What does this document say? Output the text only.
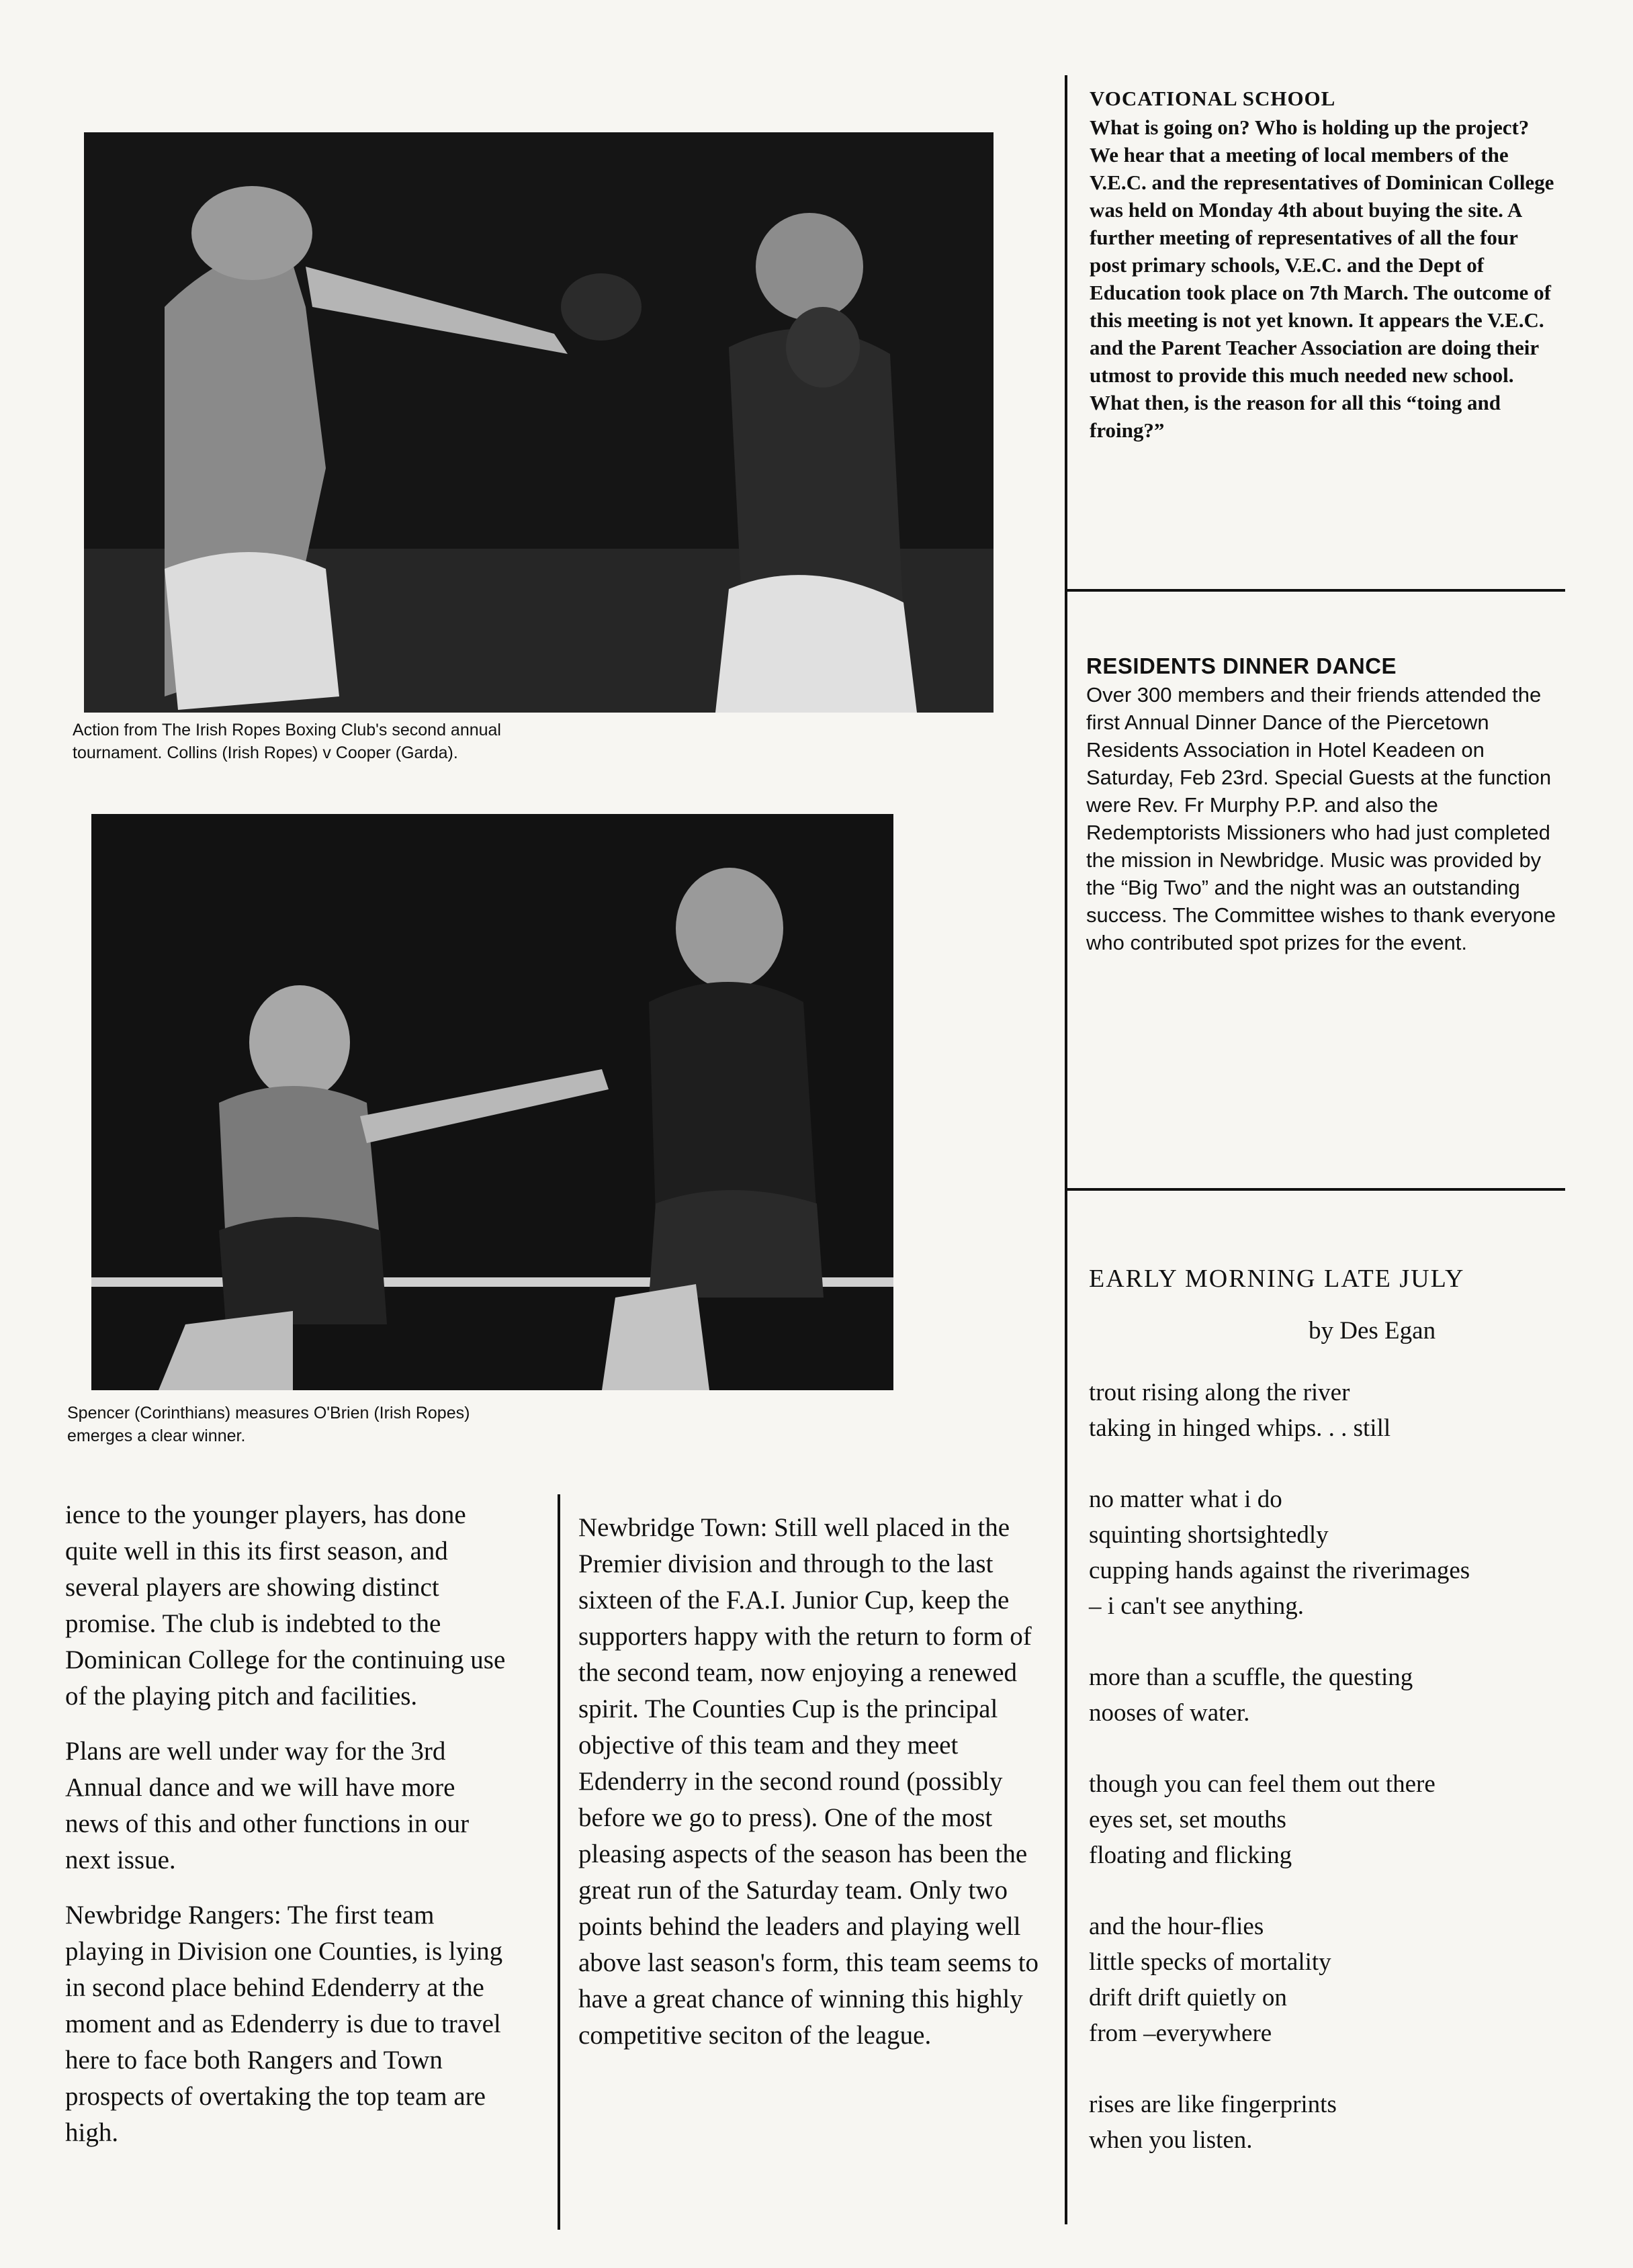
Action from The Irish Ropes Boxing Club's second annual tournament. Collins (Irish Ropes) v Cooper (Garda).
Spencer (Corinthians) measures O'Brien (Irish Ropes) emerges a clear winner.

ience to the younger players, has done quite well in this its first season, and several players are showing distinct promise. The club is indebted to the Dominican College for the continuing use of the playing pitch and facilities.

Plans are well under way for the 3rd Annual dance and we will have more news of this and other functions in our next issue.

Newbridge Rangers: The first team playing in Division one Counties, is lying in second place behind Edenderry at the moment and as Edenderry is due to travel here to face both Rangers and Town prospects of overtaking the top team are high.

Newbridge Town: Still well placed in the Premier division and through to the last sixteen of the F.A.I. Junior Cup, keep the supporters happy with the return to form of the second team, now enjoying a renewed spirit. The Counties Cup is the principal objective of this team and they meet Edenderry in the second round (possibly before we go to press). One of the most pleasing aspects of the season has been the great run of the Saturday team. Only two points behind the leaders and playing well above last season's form, this team seems to have a great chance of winning this highly competitive seciton of the league.

VOCATIONAL SCHOOL
What is going on? Who is holding up the project? We hear that a meeting of local members of the V.E.C. and the representatives of Dominican College was held on Monday 4th about buying the site. A further meeting of representatives of all the four post primary schools, V.E.C. and the Dept of Education took place on 7th March. The outcome of this meeting is not yet known. It appears the V.E.C. and the Parent Teacher Association are doing their utmost to provide this much needed new school. What then, is the reason for all this “toing and froing?”
RESIDENTS DINNER DANCE
Over 300 members and their friends attended the first Annual Dinner Dance of the Piercetown Residents Association in Hotel Keadeen on Saturday, Feb 23rd. Special Guests at the function were Rev. Fr Murphy P.P. and also the Redemptorists Missioners who had just completed the mission in Newbridge. Music was provided by the “Big Two” and the night was an outstanding success. The Committee wishes to thank everyone who contributed spot prizes for the event.
EARLY MORNING LATE JULY
by Des Egan
trout rising along the river
taking in hinged whips. . . still
no matter what i do
squinting shortsightedly
cupping hands against the riverimages
– i can't see anything.
more than a scuffle, the questing
nooses of water.
though you can feel them out there
eyes set, set mouths
floating and flicking
and the hour-flies
little specks of mortality
drift drift quietly on
from –everywhere
rises are like fingerprints
when you listen.
